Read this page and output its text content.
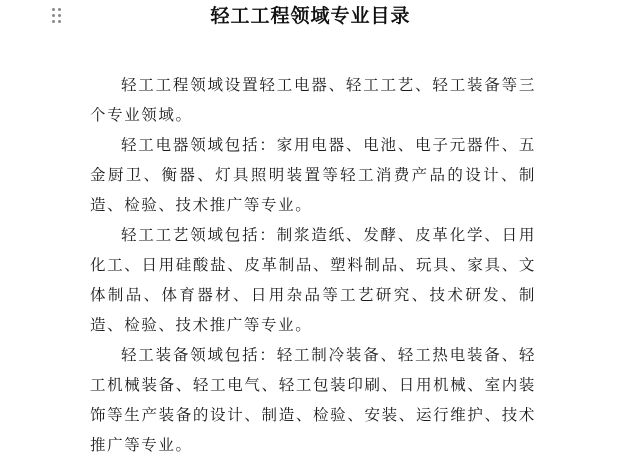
轻工工程领域专业目录

轻工工程领域设置轻工电器、轻工工艺、轻工装备等三个专业领域。

轻工电器领域包括：家用电器、电池、电子元器件、五金厨卫、衡器、灯具照明装置等轻工消费产品的设计、制造、检验、技术推广等专业。

轻工工艺领域包括：制浆造纸、发酵、皮革化学、日用化工、日用硅酸盐、皮革制品、塑料制品、玩具、家具、文体制品、体育器材、日用杂品等工艺研究、技术研发、制造、检验、技术推广等专业。

轻工装备领域包括：轻工制冷装备、轻工热电装备、轻工机械装备、轻工电气、轻工包装印刷、日用机械、室内装饰等生产装备的设计、制造、检验、安装、运行维护、技术推广等专业。
